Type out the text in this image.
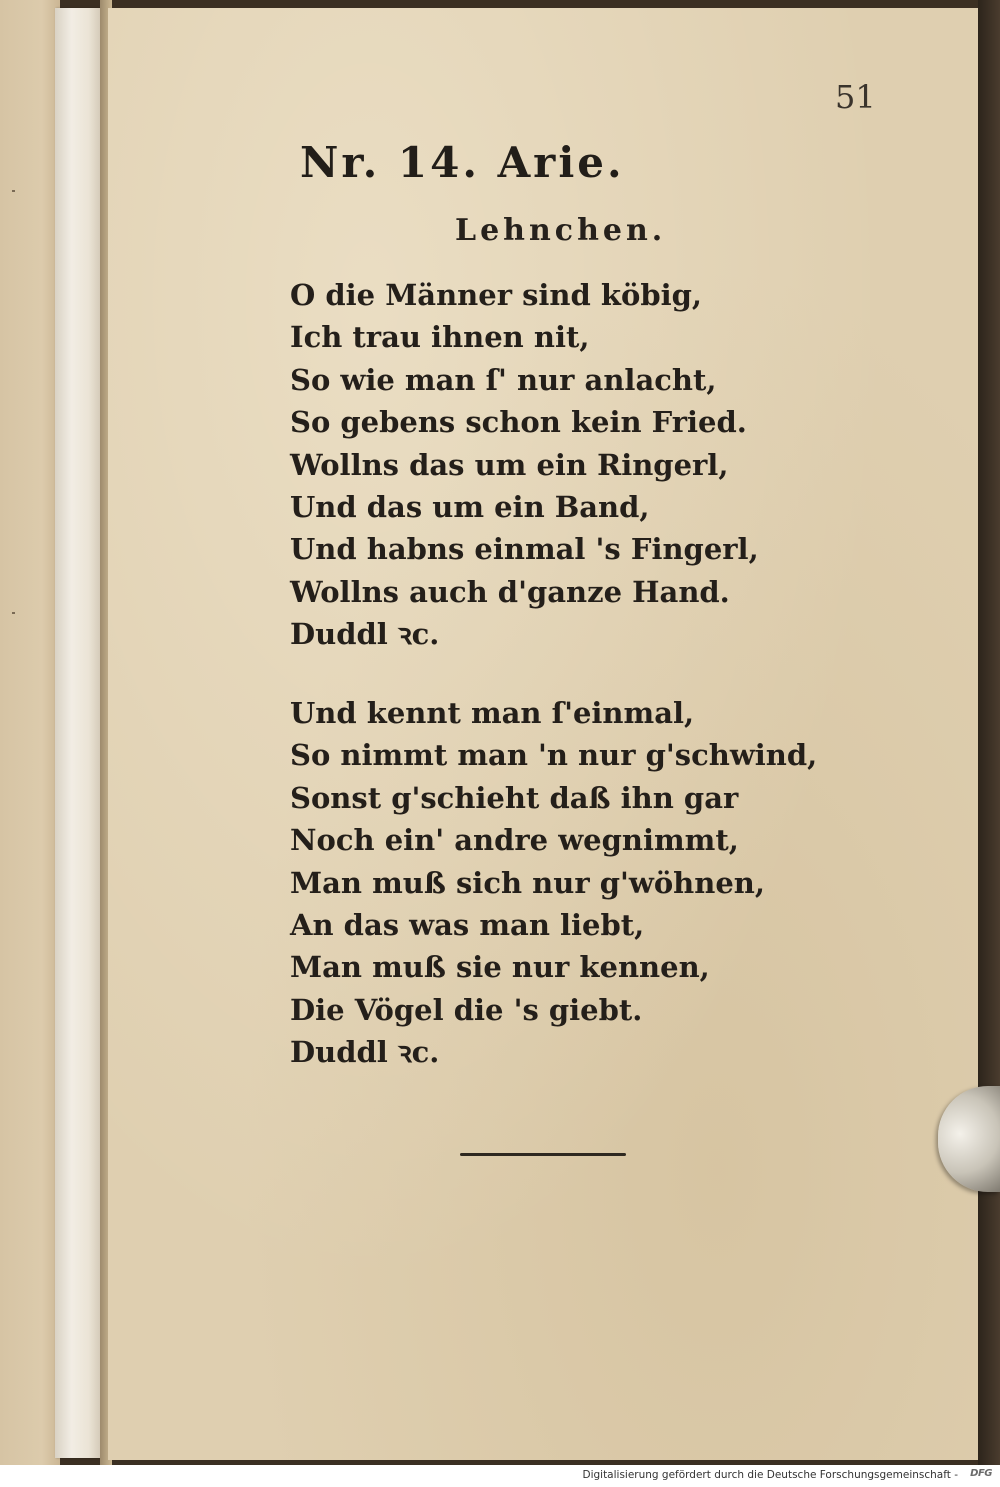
51
Nr. 14. Arie.
Lehnchen.
O die Männer sind köbig,
Ich trau ihnen nit,
So wie man ſ' nur anlacht,
So gebens schon kein Fried.
Wollns das um ein Ringerl,
Und das um ein Band,
Und habns einmal 's Fingerl,
Wollns auch d'ganze Hand.
Duddl ꝛc.
Und kennt man ſ'einmal,
So nimmt man 'n nur g'schwind,
Sonst g'schieht daß ihn gar
Noch ein' andre wegnimmt,
Man muß sich nur g'wöhnen,
An das was man liebt,
Man muß sie nur kennen,
Die Vögel die 's giebt.
Duddl ꝛc.
Digitalisierung gefördert durch die Deutsche Forschungsgemeinschaft - DFG
